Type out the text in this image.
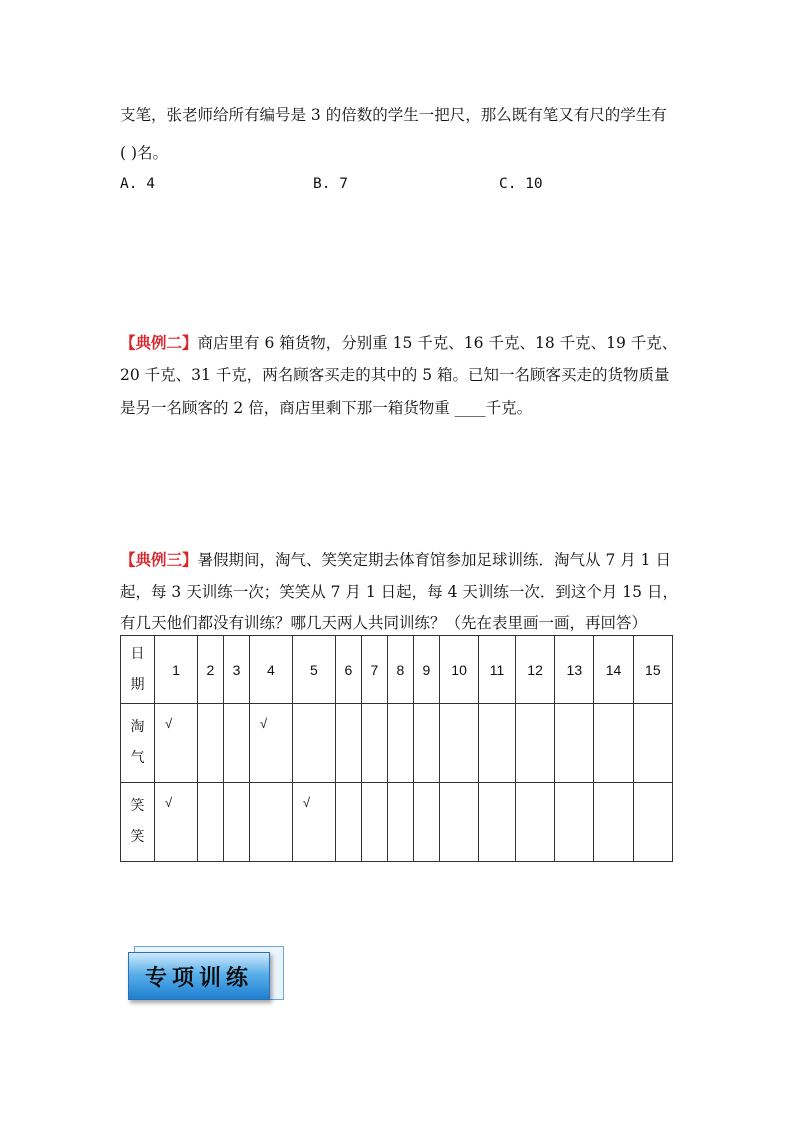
支笔，张老师给所有编号是 3 的倍数的学生一把尺，那么既有笔又有尺的学生有
( )名。
A. 4	B. 7	C. 10
【典例二】商店里有 6 箱货物，分别重 15 千克、16 千克、18 千克、19 千克、
20 千克、31 千克，两名顾客买走的其中的 5 箱。已知一名顾客买走的货物质量
是另一名顾客的 2 倍，商店里剩下那一箱货物重 ____千克。
【典例三】暑假期间，淘气、笑笑定期去体育馆参加足球训练．淘气从 7 月 1 日
起，每 3 天训练一次；笑笑从 7 月 1 日起，每 4 天训练一次．到这个月 15 日，
有几天他们都没有训练？哪几天两人共同训练？（先在表里画一画，再回答）
日
期	1	2	3	4	5	6	7	8	9	10	11	12	13	14	15
淘
气	√			√											
笑
笑	√				√										
专项训练
